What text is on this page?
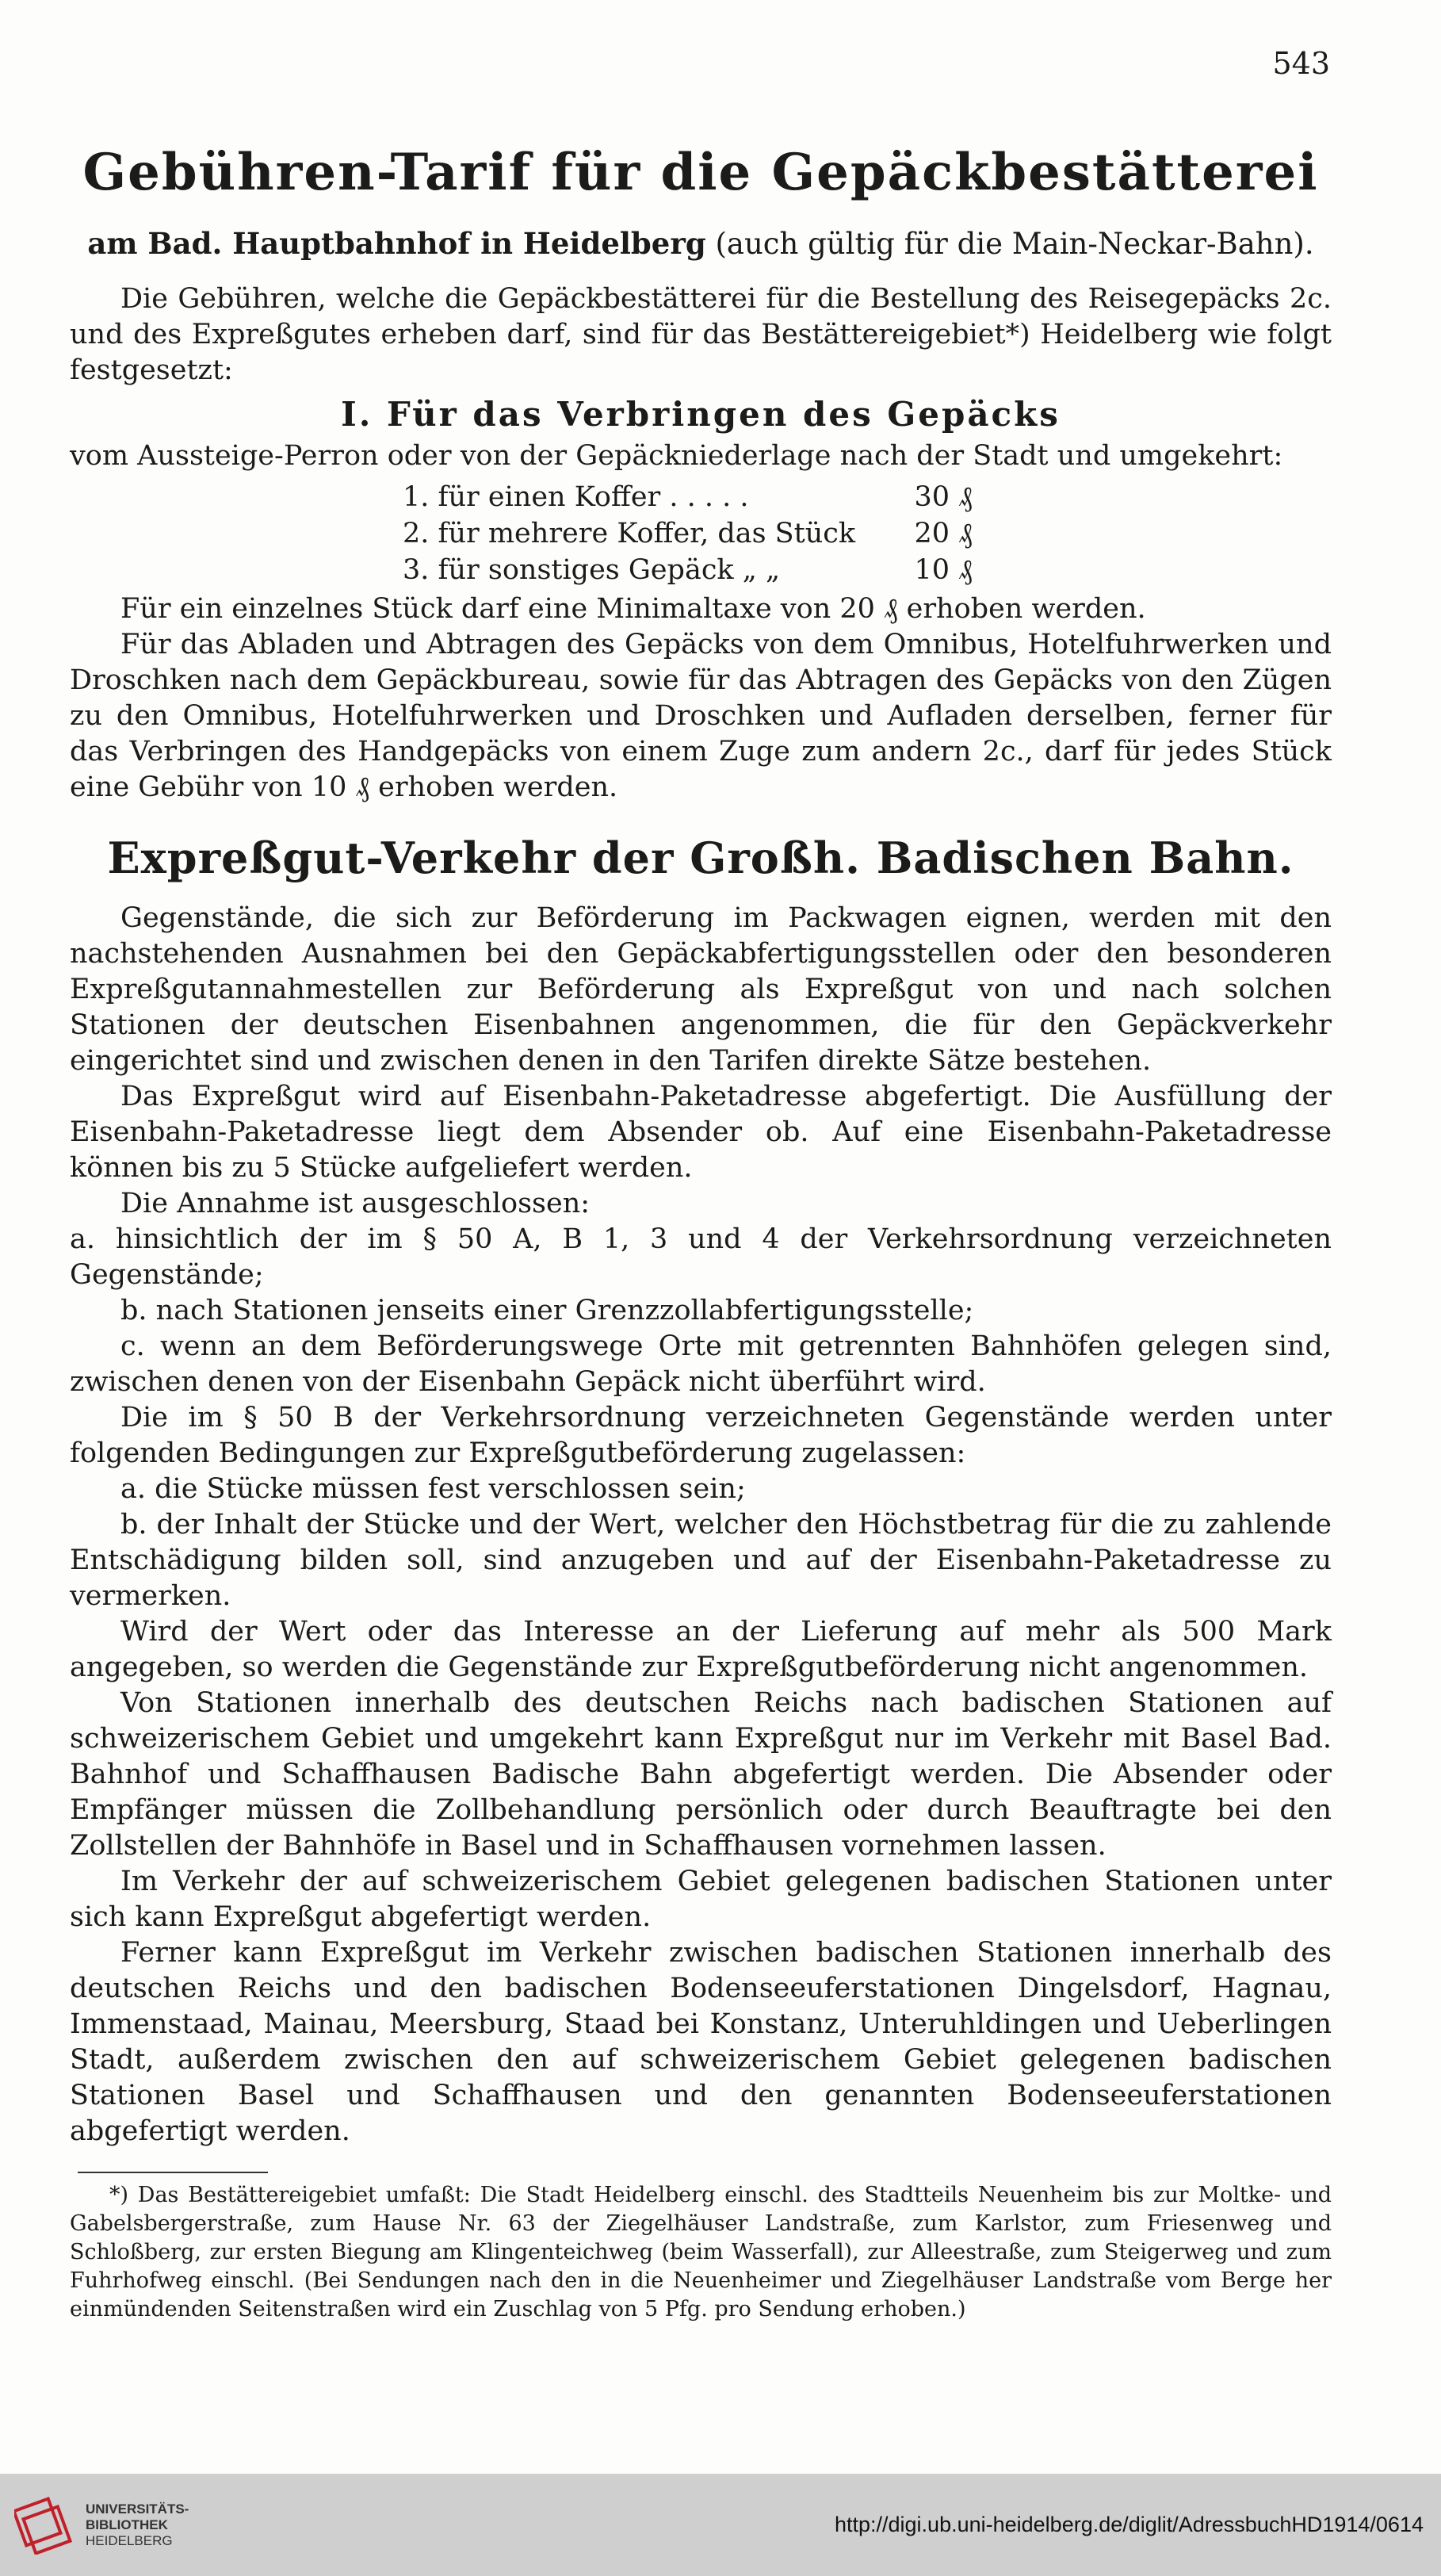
543
Gebühren-Tarif für die Gepäckbestätterei
am Bad. Hauptbahnhof in Heidelberg (auch gültig für die Main-Neckar-Bahn).

Die Gebühren, welche die Gepäckbestätterei für die Bestellung des Reisegepäcks 2c. und des Expreßgutes erheben darf, sind für das Bestättereigebiet*) Heidelberg wie folgt festgesetzt:

I. Für das Verbringen des Gepäcks

vom Aussteige-Perron oder von der Gepäckniederlage nach der Stadt und umgekehrt:

1. für einen Koffer . . . . .	30 ₰
2. für mehrere Koffer, das Stück	20 ₰
3. für sonstiges Gepäck „ „	10 ₰

Für ein einzelnes Stück darf eine Minimaltaxe von 20 ₰ erhoben werden.

Für das Abladen und Abtragen des Gepäcks von dem Omnibus, Hotelfuhrwerken und Droschken nach dem Gepäckbureau, sowie für das Abtragen des Gepäcks von den Zügen zu den Omnibus, Hotelfuhrwerken und Droschken und Aufladen derselben, ferner für das Verbringen des Handgepäcks von einem Zuge zum andern 2c., darf für jedes Stück eine Gebühr von 10 ₰ erhoben werden.

Expreßgut-Verkehr der Großh. Badischen Bahn.

Gegenstände, die sich zur Beförderung im Packwagen eignen, werden mit den nachstehenden Ausnahmen bei den Gepäckabfertigungsstellen oder den besonderen Expreßgutannahmestellen zur Beförderung als Expreßgut von und nach solchen Stationen der deutschen Eisenbahnen angenommen, die für den Gepäckverkehr eingerichtet sind und zwischen denen in den Tarifen direkte Sätze bestehen.

Das Expreßgut wird auf Eisenbahn-Paketadresse abgefertigt. Die Ausfüllung der Eisenbahn-Paketadresse liegt dem Absender ob. Auf eine Eisenbahn-Paketadresse können bis zu 5 Stücke aufgeliefert werden.

Die Annahme ist ausgeschlossen:

a. hinsichtlich der im § 50 A, B 1, 3 und 4 der Verkehrsordnung verzeichneten Gegenstände;

b. nach Stationen jenseits einer Grenzzollabfertigungsstelle;

c. wenn an dem Beförderungswege Orte mit getrennten Bahnhöfen gelegen sind, zwischen denen von der Eisenbahn Gepäck nicht überführt wird.

Die im § 50 B der Verkehrsordnung verzeichneten Gegenstände werden unter folgenden Bedingungen zur Expreßgutbeförderung zugelassen:

a. die Stücke müssen fest verschlossen sein;

b. der Inhalt der Stücke und der Wert, welcher den Höchstbetrag für die zu zahlende Entschädigung bilden soll, sind anzugeben und auf der Eisenbahn-Paketadresse zu vermerken.

Wird der Wert oder das Interesse an der Lieferung auf mehr als 500 Mark angegeben, so werden die Gegenstände zur Expreßgutbeförderung nicht angenommen.

Von Stationen innerhalb des deutschen Reichs nach badischen Stationen auf schweizerischem Gebiet und umgekehrt kann Expreßgut nur im Verkehr mit Basel Bad. Bahnhof und Schaffhausen Badische Bahn abgefertigt werden. Die Absender oder Empfänger müssen die Zollbehandlung persönlich oder durch Beauftragte bei den Zollstellen der Bahnhöfe in Basel und in Schaffhausen vornehmen lassen.

Im Verkehr der auf schweizerischem Gebiet gelegenen badischen Stationen unter sich kann Expreßgut abgefertigt werden.

Ferner kann Expreßgut im Verkehr zwischen badischen Stationen innerhalb des deutschen Reichs und den badischen Bodenseeuferstationen Dingelsdorf, Hagnau, Immenstaad, Mainau, Meersburg, Staad bei Konstanz, Unteruhldingen und Ueberlingen Stadt, außerdem zwischen den auf schweizerischem Gebiet gelegenen badischen Stationen Basel und Schaffhausen und den genannten Bodenseeuferstationen abgefertigt werden.

*) Das Bestättereigebiet umfaßt: Die Stadt Heidelberg einschl. des Stadtteils Neuenheim bis zur Moltke- und Gabelsbergerstraße, zum Hause Nr. 63 der Ziegelhäuser Landstraße, zum Karlstor, zum Friesenweg und Schloßberg, zur ersten Biegung am Klingenteichweg (beim Wasserfall), zur Alleestraße, zum Steigerweg und zum Fuhrhofweg einschl. (Bei Sendungen nach den in die Neuenheimer und Ziegelhäuser Landstraße vom Berge her einmündenden Seitenstraßen wird ein Zuschlag von 5 Pfg. pro Sendung erhoben.)

UNIVERSITÄTS-
BIBLIOTHEK
HEIDELBERG
http://digi.ub.uni-heidelberg.de/diglit/AdressbuchHD1914/0614
